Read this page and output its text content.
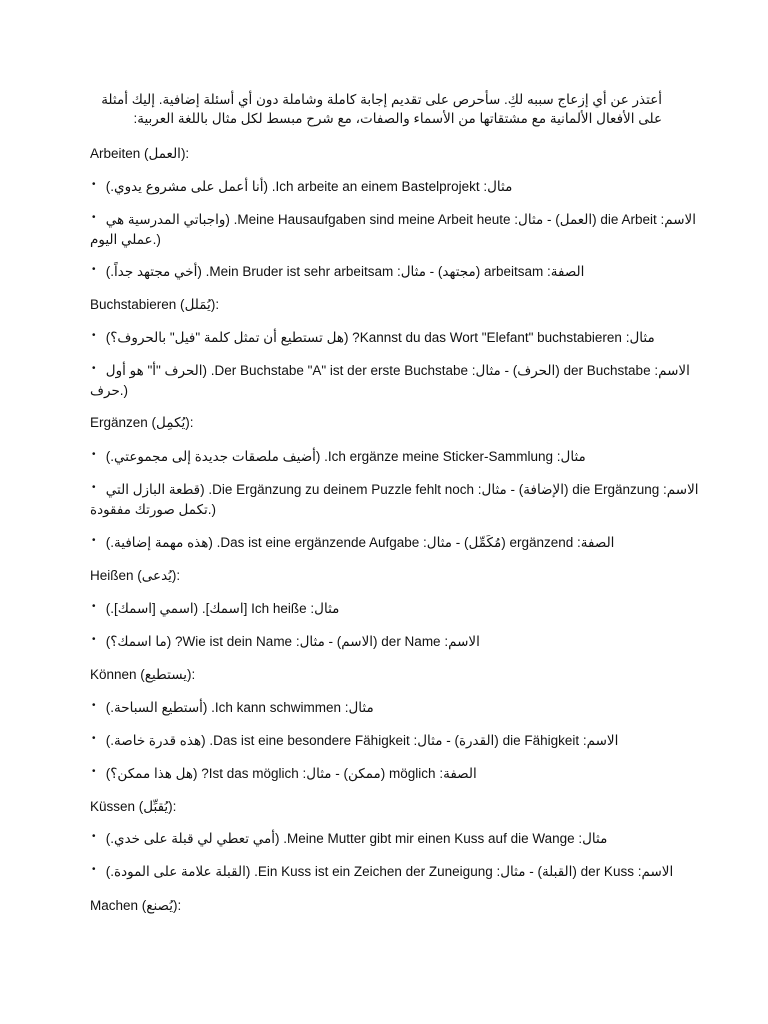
أعتذر عن أي إزعاج سببه لكِ. سأحرص على تقديم إجابة كاملة وشاملة دون أي أسئلة إضافية. إليك أمثلة
على الأفعال الألمانية مع مشتقاتها من الأسماء والصفات، مع شرح مبسط لكل مثال باللغة العربية:
Arbeiten (العمل):
• مثال: Ich arbeite an einem Bastelprojekt. (أنا أعمل على مشروع يدوي.)
• الاسم: die Arbeit (العمل) - مثال: Meine Hausaufgaben sind meine Arbeit heute. (واجباتي المدرسية هي
عملي اليوم.)
• الصفة: arbeitsam (مجتهد) - مثال: Mein Bruder ist sehr arbeitsam. (أخي مجتهد جداً.)
Buchstabieren (يُمَلل):
• مثال: Kannst du das Wort "Elefant" buchstabieren? (هل تستطيع أن تمثل كلمة "فيل" بالحروف؟)
• الاسم: der Buchstabe (الحرف) - مثال: Der Buchstabe "A" ist der erste Buchstabe. (الحرف "أ" هو أول
حرف.)
Ergänzen (يُكمِل):
• مثال: Ich ergänze meine Sticker-Sammlung. (أضيف ملصقات جديدة إلى مجموعتي.)
• الاسم: die Ergänzung (الإضافة) - مثال: Die Ergänzung zu deinem Puzzle fehlt noch. (قطعة البازل التي
تكمل صورتك مفقودة.)
• الصفة: ergänzend (مُكَمِّل) - مثال: Das ist eine ergänzende Aufgabe. (هذه مهمة إضافية.)
Heißen (يُدعى):
• مثال: Ich heiße [اسمك]. (اسمي [اسمك].)
• الاسم: der Name (الاسم) - مثال: Wie ist dein Name? (ما اسمك؟)
Können (يستطيع):
• مثال: Ich kann schwimmen. (أستطيع السباحة.)
• الاسم: die Fähigkeit (القدرة) - مثال: Das ist eine besondere Fähigkeit. (هذه قدرة خاصة.)
• الصفة: möglich (ممكن) - مثال: Ist das möglich? (هل هذا ممكن؟)
Küssen (يُقبِّل):
• مثال: Meine Mutter gibt mir einen Kuss auf die Wange. (أمي تعطي لي قبلة على خدي.)
• الاسم: der Kuss (القبلة) - مثال: Ein Kuss ist ein Zeichen der Zuneigung. (القبلة علامة على المودة.)
Machen (يُصنع):
